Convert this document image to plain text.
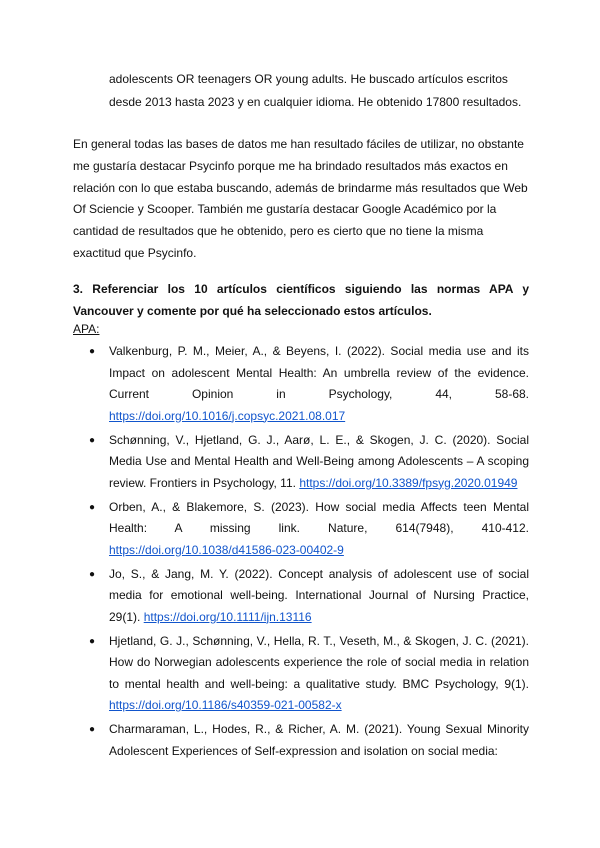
adolescents OR teenagers OR young adults. He buscado artículos escritos desde 2013 hasta 2023 y en cualquier idioma. He obtenido 17800 resultados.
En general todas las bases de datos me han resultado fáciles de utilizar, no obstante me gustaría destacar Psycinfo porque me ha brindado resultados más exactos en relación con lo que estaba buscando, además de brindarme más resultados que Web Of Sciencie y Scooper. También me gustaría destacar Google Académico por la cantidad de resultados que he obtenido, pero es cierto que no tiene la misma exactitud que Psycinfo.
3. Referenciar los 10 artículos científicos siguiendo las normas APA y Vancouver y comente por qué ha seleccionado estos artículos.
APA:
● Valkenburg, P. M., Meier, A., & Beyens, I. (2022). Social media use and its Impact on adolescent Mental Health: An umbrella review of the evidence. Current Opinion in Psychology, 44, 58-68. https://doi.org/10.1016/j.copsyc.2021.08.017
● Schønning, V., Hjetland, G. J., Aarø, L. E., & Skogen, J. C. (2020). Social Media Use and Mental Health and Well-Being among Adolescents – A scoping review. Frontiers in Psychology, 11. https://doi.org/10.3389/fpsyg.2020.01949
● Orben, A., & Blakemore, S. (2023). How social media Affects teen Mental Health: A missing link. Nature, 614(7948), 410-412. https://doi.org/10.1038/d41586-023-00402-9
● Jo, S., & Jang, M. Y. (2022). Concept analysis of adolescent use of social media for emotional well-being. International Journal of Nursing Practice, 29(1). https://doi.org/10.1111/ijn.13116
● Hjetland, G. J., Schønning, V., Hella, R. T., Veseth, M., & Skogen, J. C. (2021). How do Norwegian adolescents experience the role of social media in relation to mental health and well-being: a qualitative study. BMC Psychology, 9(1). https://doi.org/10.1186/s40359-021-00582-x
● Charmaraman, L., Hodes, R., & Richer, A. M. (2021). Young Sexual Minority Adolescent Experiences of Self-expression and isolation on social media:
